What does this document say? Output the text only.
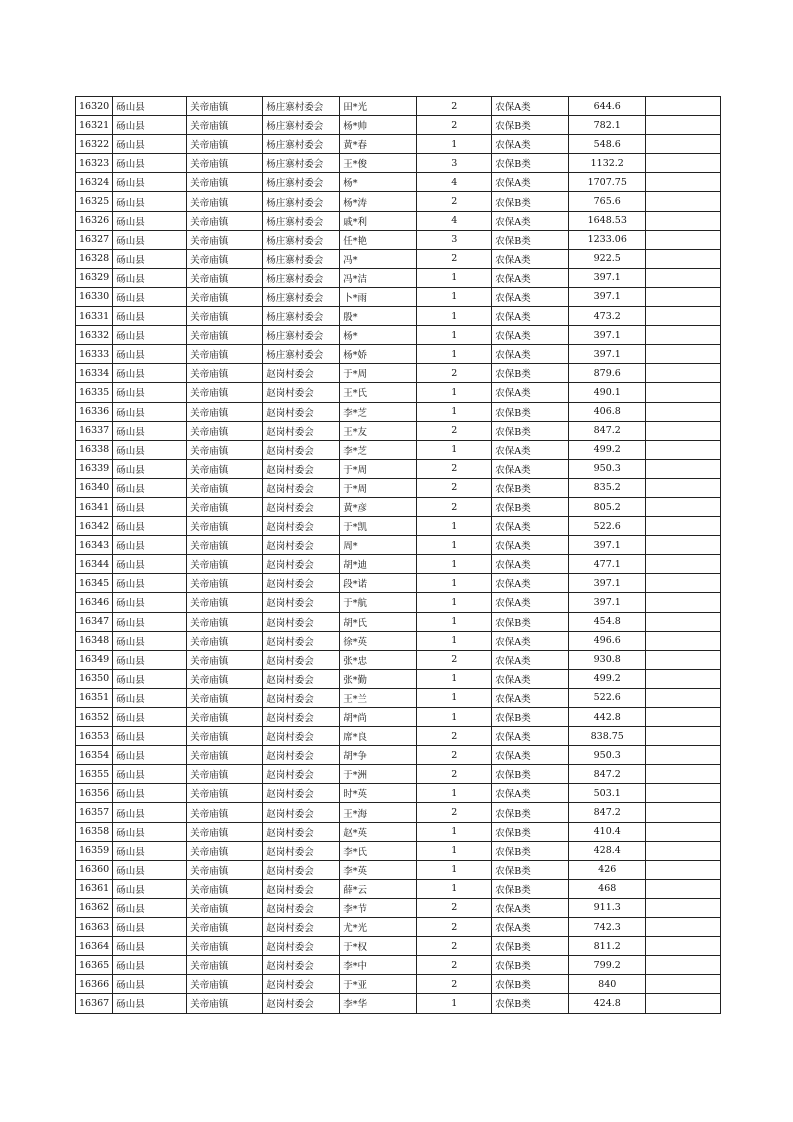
16320	砀山县	关帝庙镇	杨庄寨村委会	田*光	2	农保A类	644.6	
16321	砀山县	关帝庙镇	杨庄寨村委会	杨*帅	2	农保B类	782.1	
16322	砀山县	关帝庙镇	杨庄寨村委会	黄*春	1	农保A类	548.6	
16323	砀山县	关帝庙镇	杨庄寨村委会	王*俊	3	农保B类	1132.2	
16324	砀山县	关帝庙镇	杨庄寨村委会	杨*	4	农保A类	1707.75	
16325	砀山县	关帝庙镇	杨庄寨村委会	杨*涛	2	农保B类	765.6	
16326	砀山县	关帝庙镇	杨庄寨村委会	戚*利	4	农保A类	1648.53	
16327	砀山县	关帝庙镇	杨庄寨村委会	任*艳	3	农保B类	1233.06	
16328	砀山县	关帝庙镇	杨庄寨村委会	冯*	2	农保A类	922.5	
16329	砀山县	关帝庙镇	杨庄寨村委会	冯*洁	1	农保A类	397.1	
16330	砀山县	关帝庙镇	杨庄寨村委会	卜*雨	1	农保A类	397.1	
16331	砀山县	关帝庙镇	杨庄寨村委会	殷*	1	农保A类	473.2	
16332	砀山县	关帝庙镇	杨庄寨村委会	杨*	1	农保A类	397.1	
16333	砀山县	关帝庙镇	杨庄寨村委会	杨*娇	1	农保A类	397.1	
16334	砀山县	关帝庙镇	赵岗村委会	于*周	2	农保B类	879.6	
16335	砀山县	关帝庙镇	赵岗村委会	王*氏	1	农保A类	490.1	
16336	砀山县	关帝庙镇	赵岗村委会	李*芝	1	农保B类	406.8	
16337	砀山县	关帝庙镇	赵岗村委会	王*友	2	农保B类	847.2	
16338	砀山县	关帝庙镇	赵岗村委会	李*芝	1	农保A类	499.2	
16339	砀山县	关帝庙镇	赵岗村委会	于*周	2	农保A类	950.3	
16340	砀山县	关帝庙镇	赵岗村委会	于*周	2	农保B类	835.2	
16341	砀山县	关帝庙镇	赵岗村委会	黄*彦	2	农保B类	805.2	
16342	砀山县	关帝庙镇	赵岗村委会	于*凯	1	农保A类	522.6	
16343	砀山县	关帝庙镇	赵岗村委会	周*	1	农保A类	397.1	
16344	砀山县	关帝庙镇	赵岗村委会	胡*迪	1	农保A类	477.1	
16345	砀山县	关帝庙镇	赵岗村委会	段*诺	1	农保A类	397.1	
16346	砀山县	关帝庙镇	赵岗村委会	于*航	1	农保A类	397.1	
16347	砀山县	关帝庙镇	赵岗村委会	胡*氏	1	农保B类	454.8	
16348	砀山县	关帝庙镇	赵岗村委会	徐*英	1	农保A类	496.6	
16349	砀山县	关帝庙镇	赵岗村委会	张*忠	2	农保A类	930.8	
16350	砀山县	关帝庙镇	赵岗村委会	张*勤	1	农保A类	499.2	
16351	砀山县	关帝庙镇	赵岗村委会	王*兰	1	农保A类	522.6	
16352	砀山县	关帝庙镇	赵岗村委会	胡*尚	1	农保B类	442.8	
16353	砀山县	关帝庙镇	赵岗村委会	席*良	2	农保A类	838.75	
16354	砀山县	关帝庙镇	赵岗村委会	胡*争	2	农保A类	950.3	
16355	砀山县	关帝庙镇	赵岗村委会	于*洲	2	农保B类	847.2	
16356	砀山县	关帝庙镇	赵岗村委会	时*英	1	农保A类	503.1	
16357	砀山县	关帝庙镇	赵岗村委会	王*海	2	农保B类	847.2	
16358	砀山县	关帝庙镇	赵岗村委会	赵*英	1	农保B类	410.4	
16359	砀山县	关帝庙镇	赵岗村委会	李*氏	1	农保B类	428.4	
16360	砀山县	关帝庙镇	赵岗村委会	李*英	1	农保B类	426	
16361	砀山县	关帝庙镇	赵岗村委会	薛*云	1	农保B类	468	
16362	砀山县	关帝庙镇	赵岗村委会	李*节	2	农保A类	911.3	
16363	砀山县	关帝庙镇	赵岗村委会	尤*光	2	农保A类	742.3	
16364	砀山县	关帝庙镇	赵岗村委会	于*权	2	农保B类	811.2	
16365	砀山县	关帝庙镇	赵岗村委会	李*中	2	农保B类	799.2	
16366	砀山县	关帝庙镇	赵岗村委会	于*亚	2	农保B类	840	
16367	砀山县	关帝庙镇	赵岗村委会	李*华	1	农保B类	424.8	
